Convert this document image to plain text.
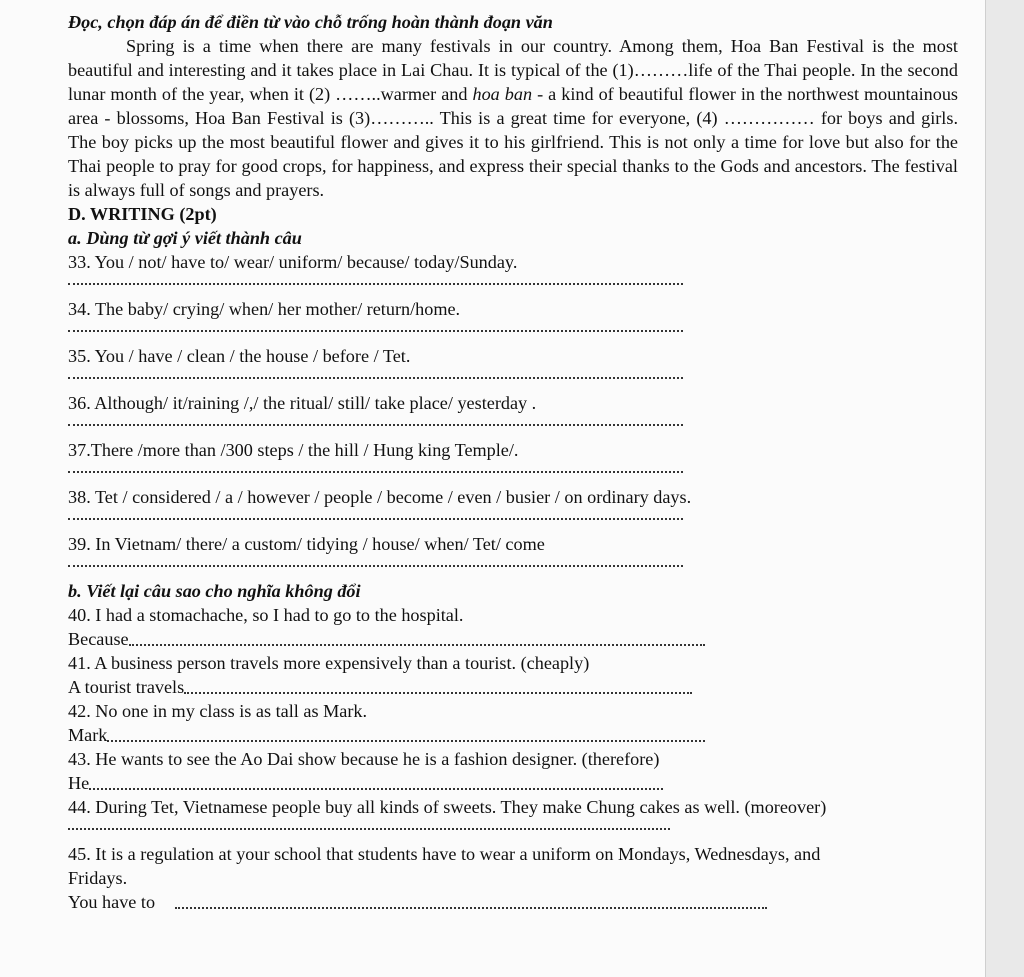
Đọc, chọn đáp án để điền từ vào chỗ trống hoàn thành đoạn văn
Spring is a time when there are many festivals in our country. Among them, Hoa Ban Festival is the most beautiful and interesting and it takes place in Lai Chau. It is typical of the (1)………life of the Thai people. In the second lunar month of the year, when it (2) ……..warmer and hoa ban - a kind of beautiful flower in the northwest mountainous area - blossoms, Hoa Ban Festival is (3)……….. This is a great time for everyone, (4) …………… for boys and girls. The boy picks up the most beautiful flower and gives it to his girlfriend. This is not only a time for love but also for the Thai people to pray for good crops, for happiness, and express their special thanks to the Gods and ancestors. The festival is always full of songs and prayers.
D. WRITING (2pt)
a. Dùng từ gợi ý viết thành câu
33. You / not/ have to/ wear/ uniform/ because/ today/Sunday.
34. The baby/ crying/ when/ her mother/ return/home.
35. You / have / clean / the house / before / Tet.
36. Although/ it/raining /,/ the ritual/ still/ take place/ yesterday .
37.There /more than /300 steps / the hill / Hung king Temple/.
38. Tet / considered / a / however / people / become / even / busier / on ordinary days.
39. In Vietnam/ there/ a custom/ tidying / house/ when/ Tet/ come
b. Viết lại câu sao cho nghĩa không đổi
40. I had a stomachache, so I had to go to the hospital.
Because
41. A business person travels more expensively than a tourist. (cheaply)
A tourist travels
42. No one in my class is as tall as Mark.
Mark
43. He wants to see the Ao Dai show because he is a fashion designer. (therefore)
He
44. During Tet, Vietnamese people buy all kinds of sweets. They make Chung cakes as well. (moreover)
45. It is a regulation at your school that students have to wear a uniform on Mondays, Wednesdays, and
Fridays.
You have to
